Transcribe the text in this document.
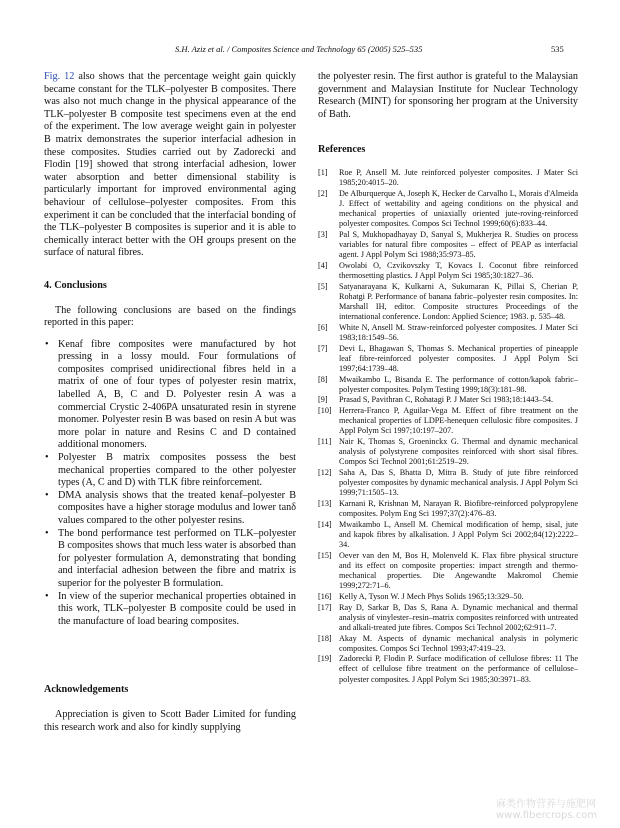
S.H. Aziz et al. / Composites Science and Technology 65 (2005) 525–535	535

Fig. 12 also shows that the percentage weight gain quickly became constant for the TLK–polyester B composites. There was also not much change in the physical appearance of the TLK–polyester B composite test specimens even at the end of the experiment. The low average weight gain in polyester B matrix demonstrates the superior interfacial adhesion in these composites. Studies carried out by Zadorecki and Flodin [19] showed that strong interfacial adhesion, lower water absorption and better dimensional stability is particularly important for improved environmental aging behaviour of cellulose–polyester composites. From this experiment it can be concluded that the interfacial bonding of the TLK–polyester B composites is superior and it is able to chemically interact better with the OH groups present on the surface of natural fibres.

4. Conclusions

The following conclusions are based on the findings reported in this paper:

• Kenaf fibre composites were manufactured by hot pressing in a lossy mould. Four formulations of composites comprised unidirectional fibres held in a matrix of one of four types of polyester resin matrix, labelled A, B, C and D. Polyester resin A was a commercial Crystic 2-406PA unsaturated resin in styrene monomer. Polyester resin B was based on resin A but was more polar in nature and Resins C and D contained additional monomers.
• Polyester B matrix composites possess the best mechanical properties compared to the other polyester types (A, C and D) with TLK fibre reinforcement.
• DMA analysis shows that the treated kenaf–polyester B composites have a higher storage modulus and lower tanδ values compared to the other polyester resins.
• The bond performance test performed on TLK–polyester B composites shows that much less water is absorbed than for polyester formulation A, demonstrating that bonding and interfacial adhesion between the fibre and matrix is superior for the polyester B formulation.
• In view of the superior mechanical properties obtained in this work, TLK–polyester B composite could be used in the manufacture of load bearing composites.
Acknowledgements

Appreciation is given to Scott Bader Limited for funding this research work and also for kindly supplying

the polyester resin. The first author is grateful to the Malaysian government and Malaysian Institute for Nuclear Technology Research (MINT) for sponsoring her program at the University of Bath.

References
[1] Roe P, Ansell M. Jute reinforced polyester composites. J Mater Sci 1985;20:4015–20.
[2] De Alburquerque A, Joseph K, Hecker de Carvalho L, Morais d'Almeida J. Effect of wettability and ageing conditions on the physical and mechanical properties of uniaxially oriented jute-roving-reinforced polyester composites. Compos Sci Technol 1999;60(6):833–44.
[3] Pal S, Mukhopadhayay D, Sanyal S, Mukherjea R. Studies on process variables for natural fibre composites – effect of PEAP as interfacial agent. J Appl Polym Sci 1988;35:973–85.
[4] Owolabi O, Czvikovszky T, Kovacs I. Coconut fibre reinforced thermosetting plastics. J Appl Polym Sci 1985;30:1827–36.
[5] Satyanarayana K, Kulkarni A, Sukumaran K, Pillai S, Cherian P, Rohatgi P. Performance of banana fabric–polyester resin composites. In: Marshall IH, editor. Composite structures Proceedings of the international conference. London: Applied Science; 1983. p. 535–48.
[6] White N, Ansell M. Straw-reinforced polyester composites. J Mater Sci 1983;18:1549–56.
[7] Devi L, Bhagawan S, Thomas S. Mechanical properties of pineapple leaf fibre-reinforced polyester composites. J Appl Polym Sci 1997;64:1739–48.
[8] Mwaikambo L, Bisanda E. The performance of cotton/kapok fabric–polyester composites. Polym Testing 1999;18(3):181–98.
[9] Prasad S, Pavithran C, Rohatagi P. J Mater Sci 1983;18:1443–54.
[10] Herrera-Franco P, Aguilar-Vega M. Effect of fibre treatment on the mechanical properties of LDPE-henequen cellulosic fibre composites. J Appl Polym Sci 1997;10:197–207.
[11] Nair K, Thomas S, Groeninckx G. Thermal and dynamic mechanical analysis of polystyrene composites reinforced with short sisal fibres. Compos Sci Technol 2001;61:2519–29.
[12] Saha A, Das S, Bhatta D, Mitra B. Study of jute fibre reinforced polyester composites by dynamic mechanical analysis. J Appl Polym Sci 1999;71:1505–13.
[13] Karnani R, Krishnan M, Narayan R. Biofibre-reinforced polypropylene composites. Polym Eng Sci 1997;37(2):476–83.
[14] Mwaikambo L, Ansell M. Chemical modification of hemp, sisal, jute and kapok fibres by alkalisation. J Appl Polym Sci 2002;84(12):2222–34.
[15] Oever van den M, Bos H, Molenveld K. Flax fibre physical structure and its effect on composite properties: impact strength and thermo-mechanical properties. Die Angewandte Makromol Chemie 1999;272:71–6.
[16] Kelly A, Tyson W. J Mech Phys Solids 1965;13:329–50.
[17] Ray D, Sarkar B, Das S, Rana A. Dynamic mechanical and thermal analysis of vinylester–resin–matrix composites reinforced with untreated and alkali-treated jute fibres. Compos Sci Technol 2002;62:911–7.
[18] Akay M. Aspects of dynamic mechanical analysis in polymeric composites. Compos Sci Technol 1993;47:419–23.
[19] Zadorecki P, Flodin P. Surface modification of cellulose fibres: 11 The effect of cellulose fibre treatment on the performance of cellulose–polyester composites. J Appl Polym Sci 1985;30:3971–83.
麻类作物营养与施肥网
www.fibercrops.com
